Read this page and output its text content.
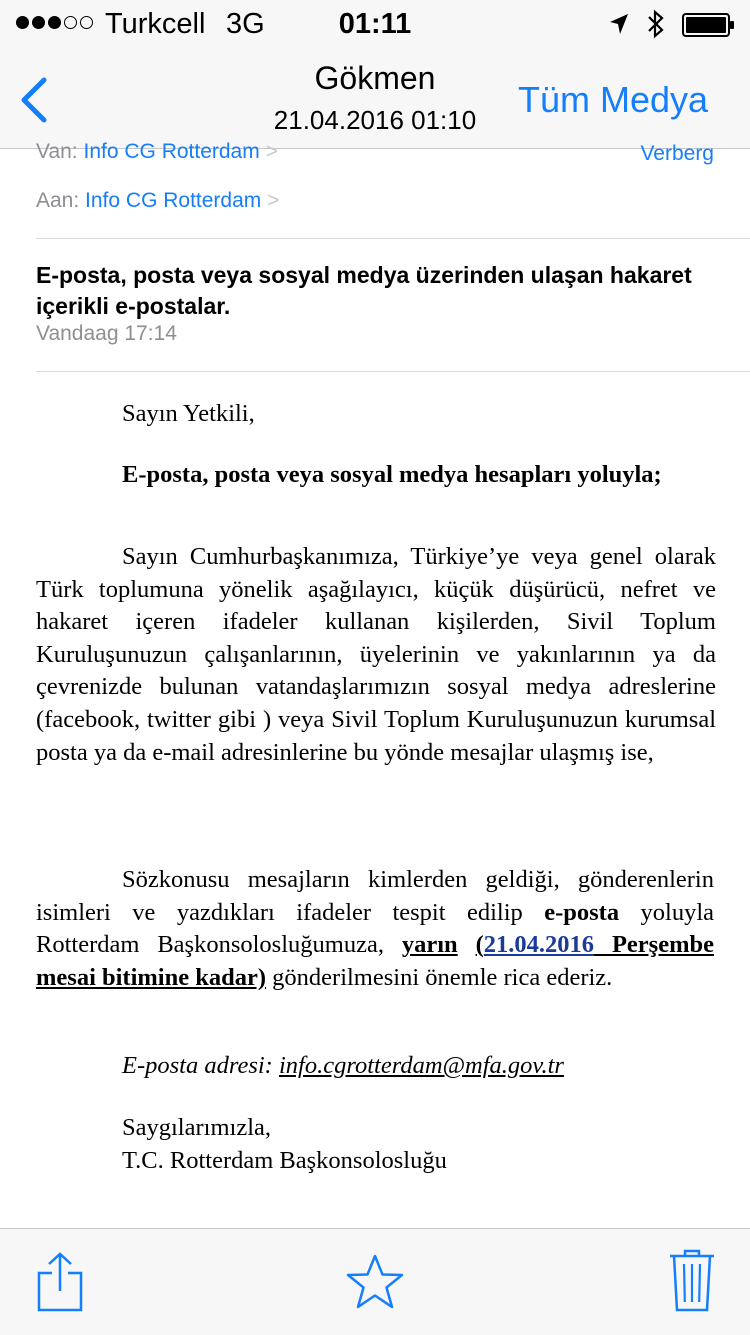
Turkcell 3G	01:11
Gökmen
21.04.2016 01:10	Tüm Medya
Van: Info CG Rotterdam >	Verberg
Aan: Info CG Rotterdam >
E-posta, posta veya sosyal medya üzerinden ulaşan hakaret içerikli e-postalar.
Vandaag 17:14
Sayın Yetkili,
E-posta, posta veya sosyal medya hesapları yoluyla;
Sayın Cumhurbaşkanımıza, Türkiye’ye veya genel olarak Türk toplumuna yönelik aşağılayıcı, küçük düşürücü, nefret ve hakaret içeren ifadeler kullanan kişilerden, Sivil Toplum Kuruluşunuzun çalışanlarının, üyelerinin ve yakınlarının ya da çevrenizde bulunan vatandaşlarımızın sosyal medya adreslerine (facebook, twitter gibi ) veya Sivil Toplum Kuruluşunuzun kurumsal posta ya da e-mail adresinlerine bu yönde mesajlar ulaşmış ise,
Sözkonusu mesajların kimlerden geldiği, gönderenlerin isimleri ve yazdıkları ifadeler tespit edilip e-posta yoluyla Rotterdam Başkonsolosluğumuza, yarın (21.04.2016 Perşembe mesai bitimine kadar) gönderilmesini önemle rica ederiz.
E-posta adresi: info.cgrotterdam@mfa.gov.tr
Saygılarımızla,
T.C. Rotterdam Başkonsolosluğu
